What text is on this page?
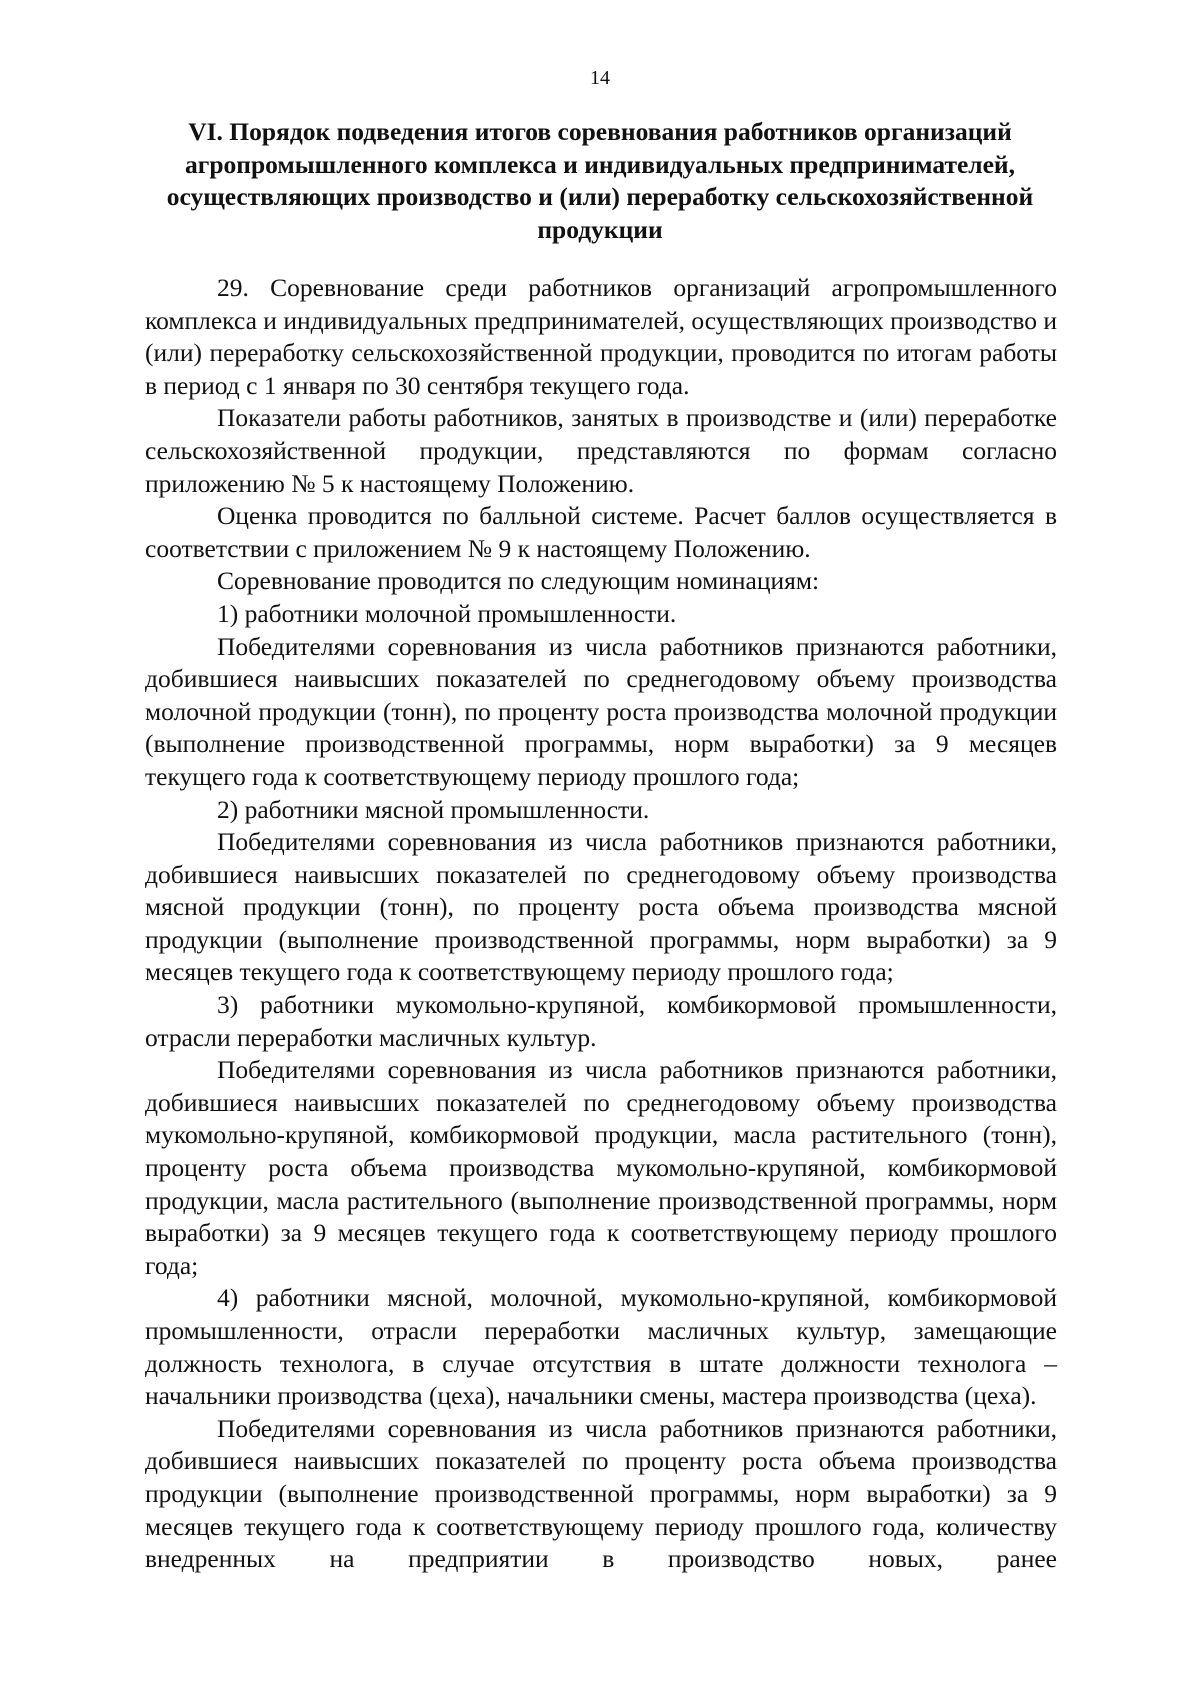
14
VI. Порядок подведения итогов соревнования работников организаций агропромышленного комплекса и индивидуальных предпринимателей, осуществляющих производство и (или) переработку сельскохозяйственной продукции

29. Соревнование среди работников организаций агропромышленного комплекса и индивидуальных предпринимателей, осуществляющих производство и (или) переработку сельскохозяйственной продукции, проводится по итогам работы в период с 1 января по 30 сентября текущего года.

Показатели работы работников, занятых в производстве и (или) переработке сельскохозяйственной продукции, представляются по формам согласно приложению № 5 к настоящему Положению.

Оценка проводится по балльной системе. Расчет баллов осуществляется в соответствии с приложением № 9 к настоящему Положению.

Соревнование проводится по следующим номинациям:

1) работники молочной промышленности.

Победителями соревнования из числа работников признаются работники, добившиеся наивысших показателей по среднегодовому объему производства молочной продукции (тонн), по проценту роста производства молочной продукции (выполнение производственной программы, норм выработки) за 9 месяцев текущего года к соответствующему периоду прошлого года;

2) работники мясной промышленности.

Победителями соревнования из числа работников признаются работники, добившиеся наивысших показателей по среднегодовому объему производства мясной продукции (тонн), по проценту роста объема производства мясной продукции (выполнение производственной программы, норм выработки) за 9 месяцев текущего года к соответствующему периоду прошлого года;

3) работники мукомольно-крупяной, комбикормовой промышленности, отрасли переработки масличных культур.

Победителями соревнования из числа работников признаются работники, добившиеся наивысших показателей по среднегодовому объему производства мукомольно-крупяной, комбикормовой продукции, масла растительного (тонн), проценту роста объема производства мукомольно-крупяной, комбикормовой продукции, масла растительного (выполнение производственной программы, норм выработки) за 9 месяцев текущего года к соответствующему периоду прошлого года;

4) работники мясной, молочной, мукомольно-крупяной, комбикормовой промышленности, отрасли переработки масличных культур, замещающие должность технолога, в случае отсутствия в штате должности технолога – начальники производства (цеха), начальники смены, мастера производства (цеха).

Победителями соревнования из числа работников признаются работники, добившиеся наивысших показателей по проценту роста объема производства продукции (выполнение производственной программы, норм выработки) за 9 месяцев текущего года к соответствующему периоду прошлого года, количеству внедренных на предприятии в производство новых, ранее
